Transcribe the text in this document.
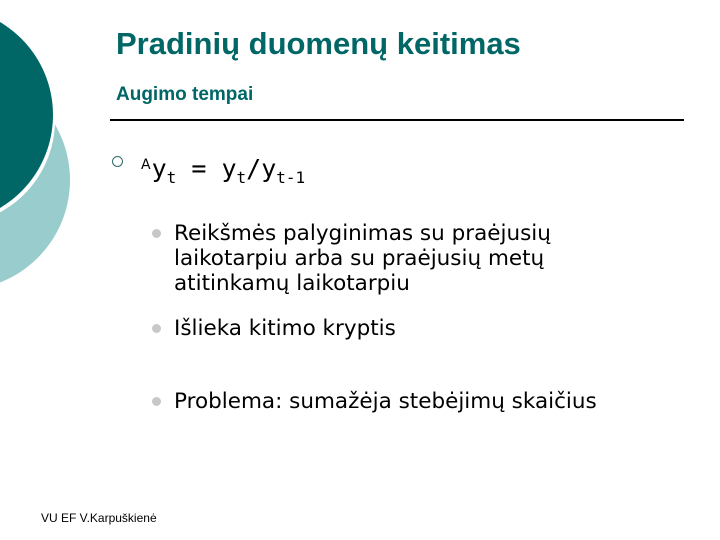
Pradinių duomenų keitimas
Augimo tempai
$^Ay_t = y_t/y_{t-1}$
Reikšmės palyginimas su praėjusių
laikotarpiu arba su praėjusių metų
atitinkamų laikotarpiu
Išlieka kitimo kryptis
Problema: sumažėja stebėjimų skaičius
VU EF V.Karpuškienė
